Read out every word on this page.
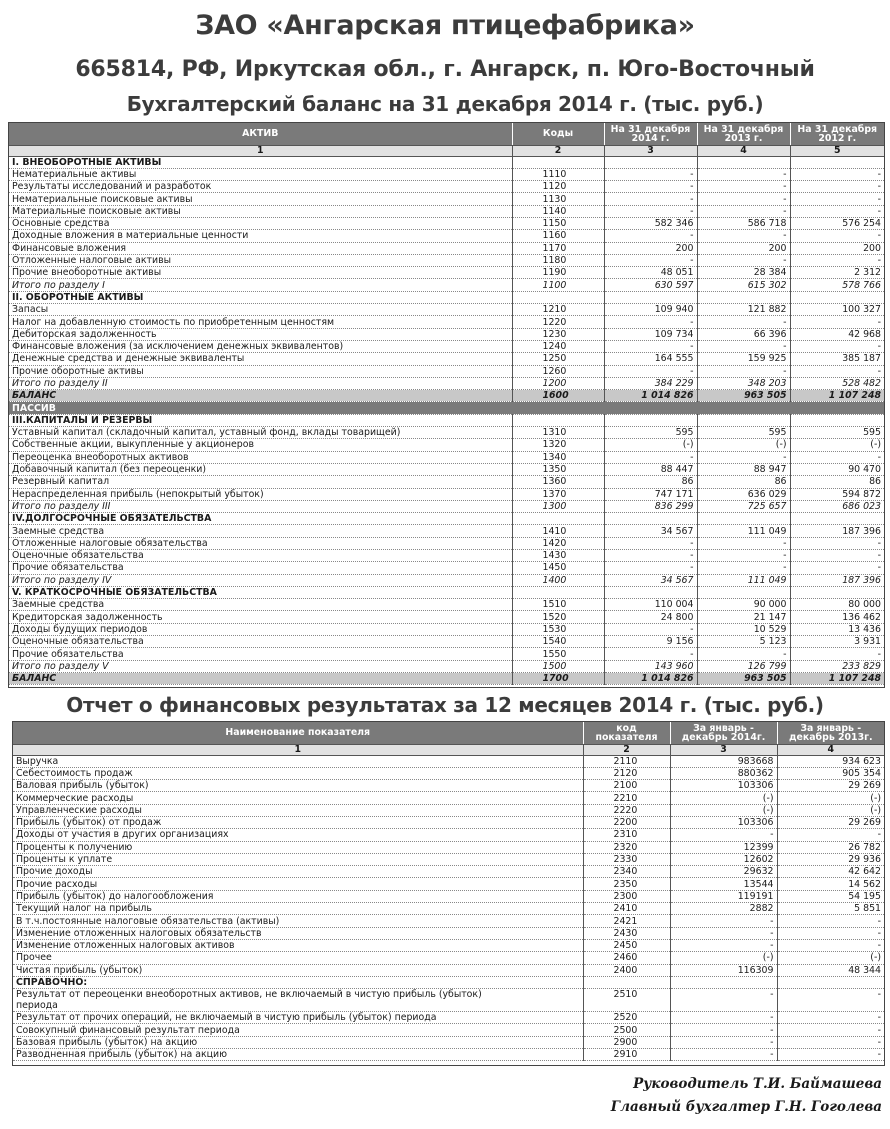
ЗАО «Ангарская птицефабрика»
665814, РФ, Иркутская обл., г. Ангарск, п. Юго-Восточный
Бухгалтерский баланс на 31 декабря 2014 г. (тыс. руб.)
АКТИВ	Коды	На 31 декабря 2014 г.	На 31 декабря 2013 г.	На 31 декабря 2012 г.
1	2	3	4	5
I. ВНЕОБОРОТНЫЕ АКТИВЫ				
Нематериальные активы	1110	-	-	-
Результаты исследований и разработок	1120	-	-	-
Нематериальные поисковые активы	1130	-	-	-
Материальные поисковые активы	1140	-	-	-
Основные средства	1150	582 346	586 718	576 254
Доходные вложения в материальные ценности	1160	-	-	-
Финансовые вложения	1170	200	200	200
Отложенные налоговые активы	1180	-	-	-
Прочие внеоборотные активы	1190	48 051	28 384	2 312
Итого по разделу I	1100	630 597	615 302	578 766
II. ОБОРОТНЫЕ АКТИВЫ				
Запасы	1210	109 940	121 882	100 327
Налог на добавленную стоимость по приобретенным ценностям	1220	-	-	-
Дебиторская задолженность	1230	109 734	66 396	42 968
Финансовые вложения (за исключением денежных эквивалентов)	1240	-	-	-
Денежные средства и денежные эквиваленты	1250	164 555	159 925	385 187
Прочие оборотные активы	1260	-	-	-
Итого по разделу II	1200	384 229	348 203	528 482
БАЛАНС	1600	1 014 826	963 505	1 107 248
ПАССИВ				
III.КАПИТАЛЫ И РЕЗЕРВЫ				
Уставный капитал (складочный капитал, уставный фонд, вклады товарищей)	1310	595	595	595
Собственные акции, выкупленные у акционеров	1320	(-)	(-)	(-)
Переоценка внеоборотных активов	1340	-	-	-
Добавочный капитал (без переоценки)	1350	88 447	88 947	90 470
Резервный капитал	1360	86	86	86
Нераспределенная прибыль (непокрытый убыток)	1370	747 171	636 029	594 872
Итого по разделу III	1300	836 299	725 657	686 023
IV.ДОЛГОСРОЧНЫЕ ОБЯЗАТЕЛЬСТВА				
Заемные средства	1410	34 567	111 049	187 396
Отложенные налоговые обязательства	1420	-	-	-
Оценочные обязательства	1430	-	-	-
Прочие обязательства	1450	-	-	-
Итого по разделу IV	1400	34 567	111 049	187 396
V. КРАТКОСРОЧНЫЕ ОБЯЗАТЕЛЬСТВА				
Заемные средства	1510	110 004	90 000	80 000
Кредиторская задолженность	1520	24 800	21 147	136 462
Доходы будущих периодов	1530	-	10 529	13 436
Оценочные обязательства	1540	9 156	5 123	3 931
Прочие обязательства	1550	-	-	-
Итого по разделу V	1500	143 960	126 799	233 829
БАЛАНС	1700	1 014 826	963 505	1 107 248
Отчет о финансовых результатах за 12 месяцев 2014 г. (тыс. руб.)
Наименование показателя	код показателя	За январь - декабрь 2014г.	За январь - декабрь 2013г.
1	2	3	4
Выручка	2110	983668	934 623
Себестоимость продаж	2120	880362	905 354
Валовая прибыль (убыток)	2100	103306	29 269
Коммерческие расходы	2210	(-)	(-)
Управленческие расходы	2220	(-)	(-)
Прибыль (убыток) от продаж	2200	103306	29 269
Доходы от участия в других организациях	2310	-	-
Проценты к получению	2320	12399	26 782
Проценты к уплате	2330	12602	29 936
Прочие доходы	2340	29632	42 642
Прочие расходы	2350	13544	14 562
Прибыль (убыток) до налогообложения	2300	119191	54 195
Текущий налог на прибыль	2410	2882	5 851
В т.ч.постоянные налоговые обязательства (активы)	2421	-	-
Изменение отложенных налоговых обязательств	2430	-	-
Изменение отложенных налоговых активов	2450	-	-
Прочее	2460	(-)	(-)
Чистая прибыль (убыток)	2400	116309	48 344
СПРАВОЧНО:			
Результат от переоценки внеоборотных активов, не включаемый в чистую прибыль (убыток)
периода	2510	-	-
Результат от прочих операций, не включаемый в чистую прибыль (убыток) периода	2520	-	-
Совокупный финансовый результат периода	2500	-	-
Базовая прибыль (убыток) на акцию	2900	-	-
Разводненная прибыль (убыток) на акцию	2910	-	-
Руководитель Т.И. Баймашева
Главный бухгалтер Г.Н. Гоголева
